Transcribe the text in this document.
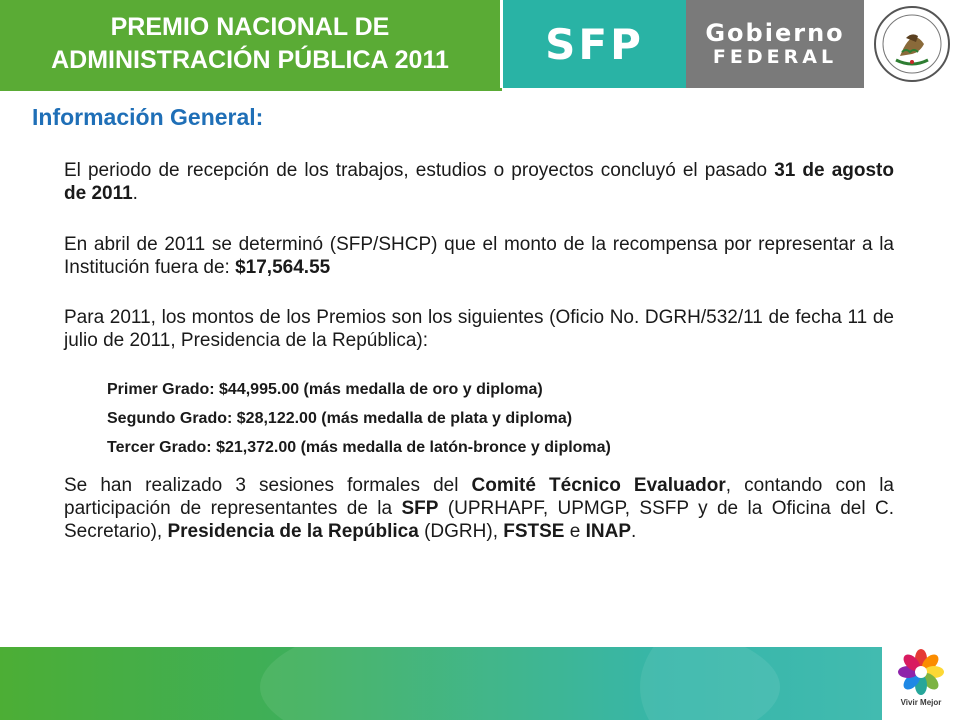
PREMIO NACIONAL DE
ADMINISTRACIÓN PÚBLICA 2011	SFP	Gobierno
FEDERAL
Información General:

El periodo de recepción de los trabajos, estudios o proyectos concluyó el pasado 31 de agosto de 2011.

En abril de 2011 se determinó (SFP/SHCP) que el monto de la recompensa por representar a la Institución fuera de: $17,564.55

Para 2011, los montos de los Premios son los siguientes (Oficio No. DGRH/532/11 de fecha 11 de julio de 2011, Presidencia de la República):

Primer Grado: $44,995.00 (más medalla de oro y diploma)
Segundo Grado: $28,122.00 (más medalla de plata y diploma)
Tercer Grado: $21,372.00 (más medalla de latón-bronce y diploma)

Se han realizado 3 sesiones formales del Comité Técnico Evaluador, contando con la participación de representantes de la SFP (UPRHAPF, UPMGP, SSFP y de la Oficina del C. Secretario), Presidencia de la República (DGRH), FSTSE e INAP.

Vivir Mejor
